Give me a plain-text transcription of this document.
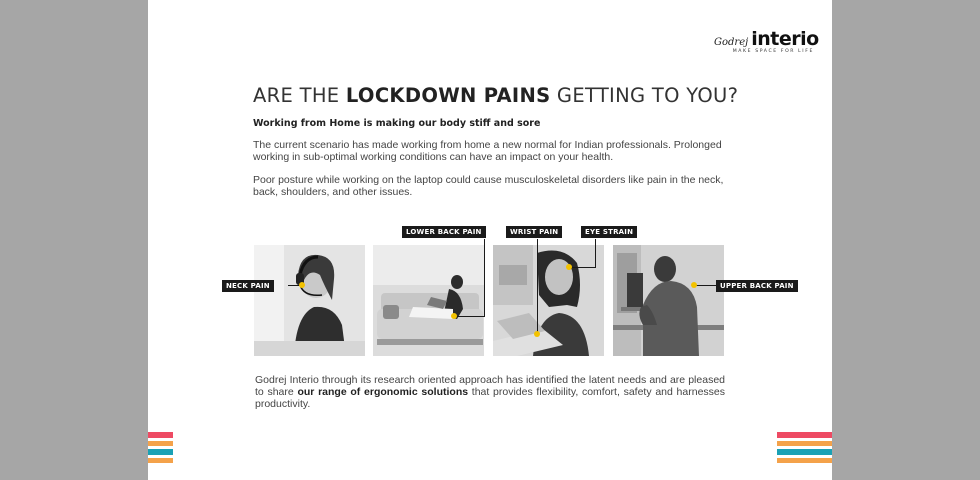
Godrej interio
MAKE SPACE FOR LIFE
ARE THE LOCKDOWN PAINS GETTING TO YOU?

Working from Home is making our body stiff and sore

The current scenario has made working from home a new normal for Indian professionals. Prolonged working in sub-optimal working conditions can have an impact on your health.

Poor posture while working on the laptop could cause musculoskeletal disorders like pain in the neck, back, shoulders, and other issues.

NECK PAIN
LOWER BACK PAIN	WRIST PAIN	EYE STRAIN
UPPER BACK PAIN

Godrej Interio through its research oriented approach has identified the latent needs and are pleased to share our range of ergonomic solutions that provides flexibility, comfort, safety and harnesses productivity.
